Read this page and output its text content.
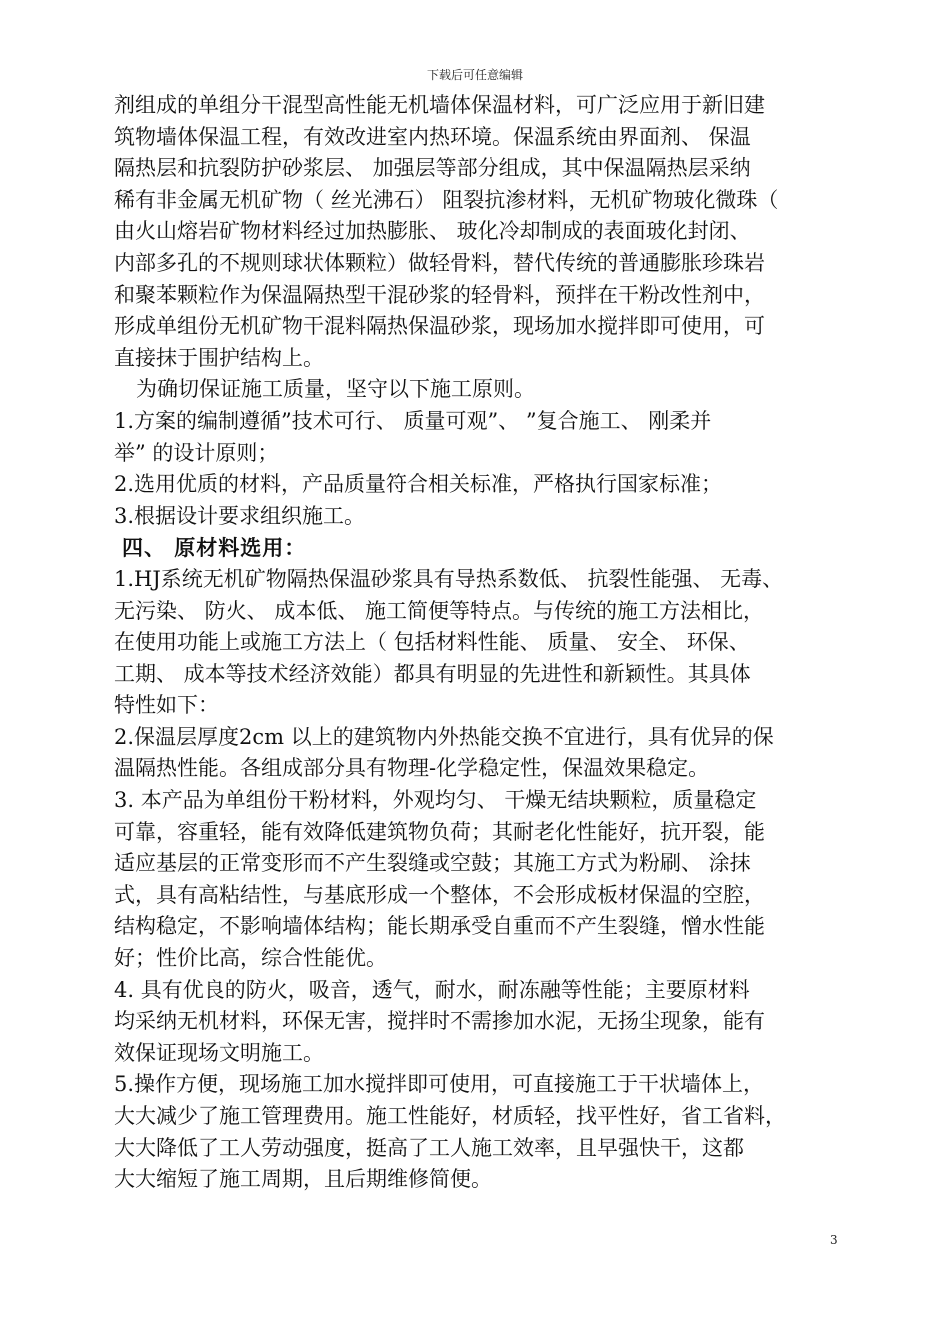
下载后可任意编辑
剂组成的单组分干混型高性能无机墙体保温材料，可广泛应用于新旧建
筑物墙体保温工程，有效改进室内热环境。保温系统由界面剂、 保温
隔热层和抗裂防护砂浆层、 加强层等部分组成，其中保温隔热层采纳
稀有非金属无机矿物（ 丝光沸石） 阻裂抗渗材料，无机矿物玻化微珠（
由火山熔岩矿物材料经过加热膨胀、 玻化冷却制成的表面玻化封闭、
内部多孔的不规则球状体颗粒）做轻骨料，替代传统的普通膨胀珍珠岩
和聚苯颗粒作为保温隔热型干混砂浆的轻骨料，预拌在干粉改性剂中，
形成单组份无机矿物干混料隔热保温砂浆，现场加水搅拌即可使用，可
直接抹于围护结构上。
为确切保证施工质量，坚守以下施工原则。
1.方案的编制遵循”技术可行、 质量可观”、 ”复合施工、 刚柔并
举” 的设计原则；
2.选用优质的材料，产品质量符合相关标准，严格执行国家标准；
3.根据设计要求组织施工。
四、 原材料选用：
1.HJ系统无机矿物隔热保温砂浆具有导热系数低、 抗裂性能强、 无毒、
无污染、 防火、 成本低、 施工简便等特点。与传统的施工方法相比，
在使用功能上或施工方法上（ 包括材料性能、 质量、 安全、 环保、
工期、 成本等技术经济效能）都具有明显的先进性和新颖性。其具体
特性如下：
2.保温层厚度2cm 以上的建筑物内外热能交换不宜进行，具有优异的保
温隔热性能。各组成部分具有物理-化学稳定性，保温效果稳定。
3. 本产品为单组份干粉材料，外观均匀、 干燥无结块颗粒，质量稳定
可靠，容重轻，能有效降低建筑物负荷；其耐老化性能好，抗开裂，能
适应基层的正常变形而不产生裂缝或空鼓；其施工方式为粉刷、 涂抹
式，具有高粘结性，与基底形成一个整体，不会形成板材保温的空腔，
结构稳定，不影响墙体结构；能长期承受自重而不产生裂缝，憎水性能
好；性价比高，综合性能优。
4. 具有优良的防火，吸音，透气，耐水，耐冻融等性能；主要原材料
均采纳无机材料，环保无害，搅拌时不需掺加水泥，无扬尘现象，能有
效保证现场文明施工。
5.操作方便，现场施工加水搅拌即可使用，可直接施工于干状墙体上，
大大减少了施工管理费用。施工性能好，材质轻，找平性好，省工省料，
大大降低了工人劳动强度，挺高了工人施工效率，且早强快干，这都
大大缩短了施工周期，且后期维修简便。
3
